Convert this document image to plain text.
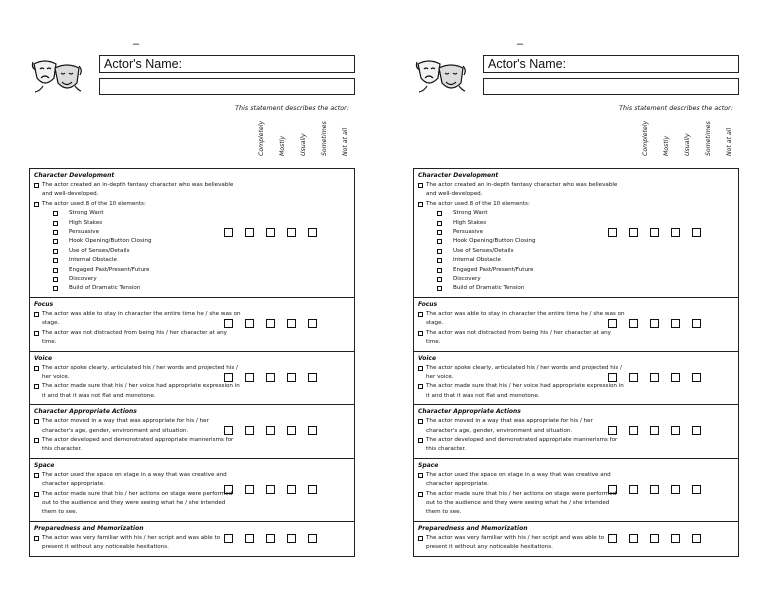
–
Actor's Name:
This statement describes the actor:
Completely Mostly Usually Sometimes Not at all
Character Development
The actor created an in-depth fantasy character who was believable and well-developed.
The actor used 8 of the 10 elements:
Strong Want
High Stakes
Persuasive
Hook Opening/Button Closing
Use of Senses/Details
Internal Obstacle
Engaged Past/Present/Future
Discovery
Build of Dramatic Tension
Focus
The actor was able to stay in character the entire time he / she was on stage.
The actor was not distracted from being his / her character at any time.
Voice
The actor spoke clearly, articulated his / her words and projected his / her voice.
The actor made sure that his / her voice had appropriate expression in it and that it was not flat and monotone.
Character Appropriate Actions
The actor moved in a way that was appropriate for his / her character's age, gender, environment and situation.
The actor developed and demonstrated appropriate mannerisms for this character.
Space
The actor used the space on stage in a way that was creative and character appropriate.
The actor made sure that his / her actions on stage were performed out to the audience and they were seeing what he / she intended them to see.
Preparedness and Memorization
The actor was very familiar with his / her script and was able to present it without any noticeable hesitations.
–
Actor's Name:
This statement describes the actor:
Completely Mostly Usually Sometimes Not at all
Character Development
The actor created an in-depth fantasy character who was believable and well-developed.
The actor used 8 of the 10 elements:
Strong Want
High Stakes
Persuasive
Hook Opening/Button Closing
Use of Senses/Details
Internal Obstacle
Engaged Past/Present/Future
Discovery
Build of Dramatic Tension
Focus
The actor was able to stay in character the entire time he / she was on stage.
The actor was not distracted from being his / her character at any time.
Voice
The actor spoke clearly, articulated his / her words and projected his / her voice.
The actor made sure that his / her voice had appropriate expression in it and that it was not flat and monotone.
Character Appropriate Actions
The actor moved in a way that was appropriate for his / her character's age, gender, environment and situation.
The actor developed and demonstrated appropriate mannerisms for this character.
Space
The actor used the space on stage in a way that was creative and character appropriate.
The actor made sure that his / her actions on stage were performed out to the audience and they were seeing what he / she intended them to see.
Preparedness and Memorization
The actor was very familiar with his / her script and was able to present it without any noticeable hesitations.
